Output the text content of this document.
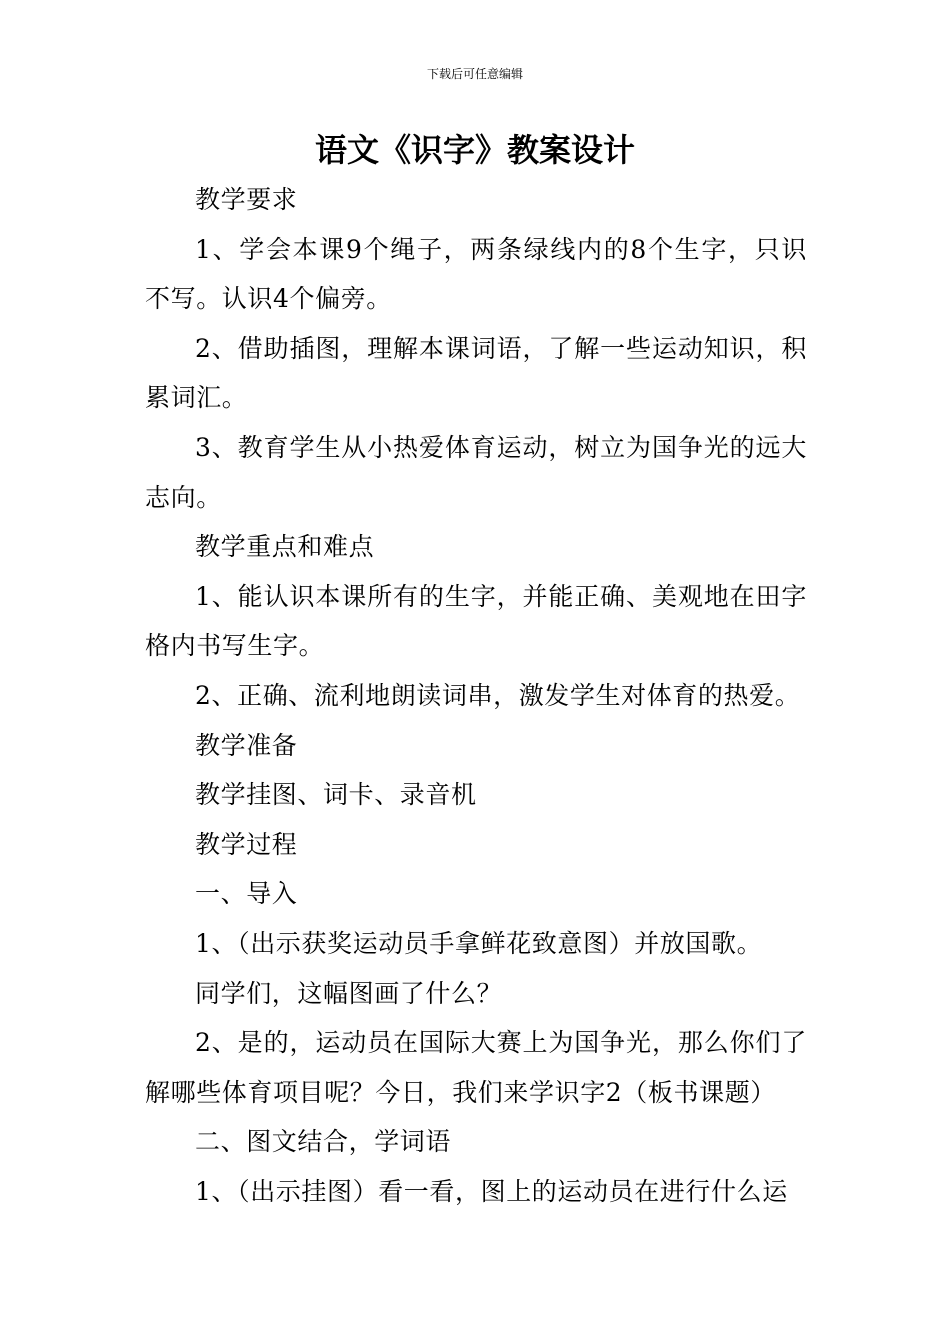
下载后可任意编辑
语文《识字》教案设计

教学要求

1、学会本课9个绳子，两条绿线内的8个生字，只识不写。认识4个偏旁。

2、借助插图，理解本课词语，了解一些运动知识，积累词汇。

3、教育学生从小热爱体育运动，树立为国争光的远大志向。

教学重点和难点

1、能认识本课所有的生字，并能正确、美观地在田字格内书写生字。

2、正确、流利地朗读词串，激发学生对体育的热爱。

教学准备

教学挂图、词卡、录音机

教学过程

一、导入

1、（出示获奖运动员手拿鲜花致意图）并放国歌。

同学们，这幅图画了什么？

2、是的，运动员在国际大赛上为国争光，那么你们了解哪些体育项目呢？今日，我们来学识字2（板书课题）

二、图文结合，学词语

1、（出示挂图）看一看，图上的运动员在进行什么运
